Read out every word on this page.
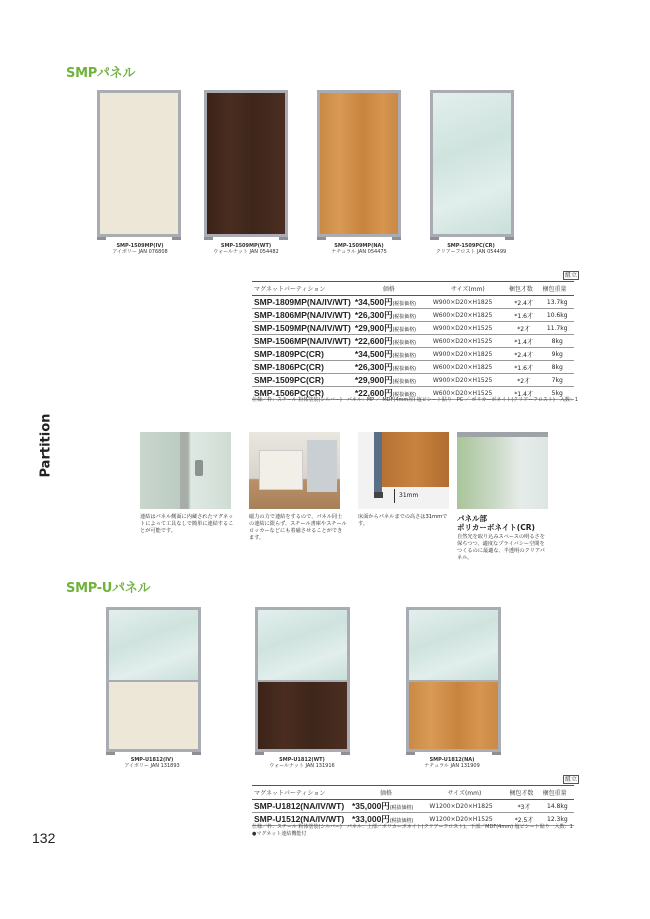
SMPパネル
SMP-1509MP(IV)
アイボリー JAN 076808
SMP-1509MP(WT)
ウォールナット JAN 054482
SMP-1509MP(NA)
ナチュラル JAN 054475
SMP-1509PC(CR)
クリアーフロスト JAN 054499
組立
マグネットパーティション	価格	サイズ(mm)	梱包才数	梱包重量
SMP-1809MP(NA/IV/WT)	*34,500円(税抜価格)	W900×D20×H1825	*2.4才	13.7kg
SMP-1806MP(NA/IV/WT)	*26,300円(税抜価格)	W600×D20×H1825	*1.6才	10.6kg
SMP-1509MP(NA/IV/WT)	*29,900円(税抜価格)	W900×D20×H1525	*2才	11.7kg
SMP-1506MP(NA/IV/WT)	*22,600円(税抜価格)	W600×D20×H1525	*1.4才	8kg
SMP-1809PC(CR)	*34,500円(税抜価格)	W900×D20×H1825	*2.4才	9kg
SMP-1806PC(CR)	*26,300円(税抜価格)	W600×D20×H1825	*1.6才	8kg
SMP-1509PC(CR)	*29,900円(税抜価格)	W900×D20×H1525	*2才	7kg
SMP-1506PC(CR)	*22,600円(税抜価格)	W600×D20×H1525	*1.4才	5kg
仕様／枠：スチール 粉体塗装(シルバー)　パネル：MP ／ MDF(4mm厚) 塩ビシート貼り　PC ／ ポリカーボネイト(クリアーフロスト)　入数：1
Partition
31mm
連結はパネル側面に内蔵されたマグネットによって工具なしで簡単に連結することが可能です。
磁力の力で連結をするので、パネル同士の連結に限らず、スチール書庫やスチールロッカーなどにも着磁させることができます。
床面からパネルまでの高さは31mmです。
パネル部
ポリカーボネイト(CR)
自然光を取り込みスペースの明るさを保ちつつ、適度なプライバシー空間をつくるのに最適な、半透明のクリアパネル。
SMP-Uパネル
SMP-U1812(IV)
アイボリー JAN 131893
SMP-U1812(WT)
ウォールナット JAN 131916
SMP-U1812(NA)
ナチュラル JAN 131909
組立
マグネットパーティション	価格	サイズ(mm)	梱包才数	梱包重量
SMP-U1812(NA/IV/WT)	*35,000円(税抜価格)	W1200×D20×H1825	*3才	14.8kg
SMP-U1512(NA/IV/WT)	*33,000円(税抜価格)	W1200×D20×H1525	*2.5才	12.3kg
仕様／枠：スチール 粉体塗装(シルバー)　パネル：上部／ポリカーボネイト(クリアーフロスト)、下部／MDF(4mm) 塩ビシート貼り　入数：1
●マグネット連結機能付
132
